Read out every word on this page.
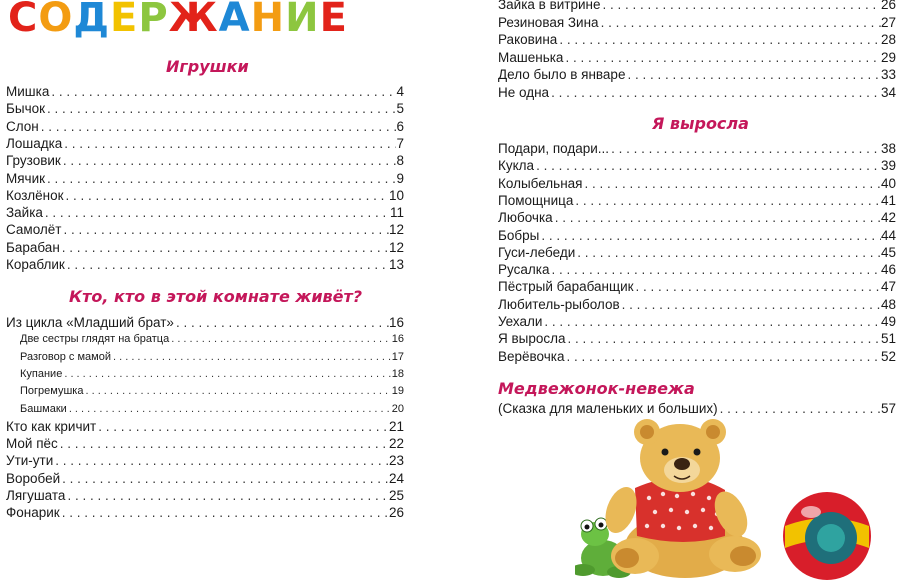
СОДЕРЖАНИЕ
Игрушки
Мишка . . .	4
Бычок . . .	5
Слон . . .	6
Лошадка . . .	7
Грузовик . . .	8
Мячик . . .	9
Козлёнок . . .	10
Зайка . . .	11
Самолёт . . .	12
Барабан . . .	12
Кораблик . . .	13
Кто, кто в этой комнате живёт?
Из цикла «Младший брат» . . .	16
Две сестры глядят на братца . . .	16
Разговор с мамой . . .	17
Купание . . .	18
Погремушка . . .	19
Башмаки . . .	20
Кто как кричит . . .	21
Мой пёс . . .	22
Ути-ути . . .	23
Воробей . . .	24
Лягушата . . .	25
Фонарик . . .	26
Зайка в витрине . . .	26
Резиновая Зина . . .	27
Раковина . . .	28
Машенька . . .	29
Дело было в январе . . .	33
Не одна . . .	34
Я выросла
Подари, подари... . . .	38
Кукла . . .	39
Колыбельная . . .	40
Помощница . . .	41
Любочка . . .	42
Бобры . . .	44
Гуси-лебеди . . .	45
Русалка . . .	46
Пёстрый барабанщик . . .	47
Любитель-рыболов . . .	48
Уехали . . .	49
Я выросла . . .	51
Верёвочка . . .	52
Медвежонок-невежа
(Сказка для маленьких и больших) . . .	57
